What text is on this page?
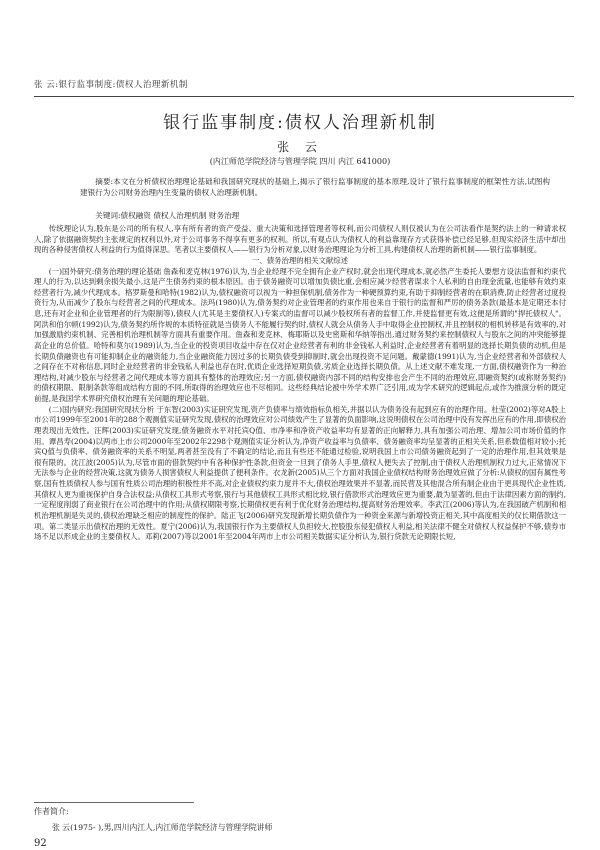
张 云:银行监事制度:债权人治理新机制
银行监事制度:债权人治理新机制
张 云
(内江师范学院经济与管理学院 四川 内江 641000)
摘要:本文在分析债权治理理论基础和我国研究现状的基础上,揭示了银行监事制度的基本原理,设计了银行监事制度的框架性方法,试图构建银行为公司财务治理内生变量的债权人治理新机制。
关键词:债权融资 债权人治理机制 财务治理

传统理论认为,股东是公司的所有权人,享有所有者的资产受益、重大决策和选择管理者等权利,而公司债权人则仅被认为在公司法看作是契约法上的一种请求权人,除了依据融资契约主张规定的权利以外,对于公司事务不得享有更多的权利。所以,有观点认为债权人的利益靠现存方式获得补偿已经足够,但现实经济生活中却出现的各种侵害债权人利益的行为值得深思。笔者以主要债权人——银行为分析对象,以财务治理理论为分析工具,构建债权人治理的新机制——银行监事制度。

一、债务治理的相关文献综述

(一)国外研究:债务治理的理论基础 詹森和麦克林(1976)认为,当企业经理不完全拥有企业产权时,就会出现代理成本,就必然产生委托人要想方设法监督和约束代理人的行为,以达到剩余损失最小,这是产生债务约束的根本原因。由于债务融资可以增加负债比重,会相应减少经营者谋求个人私利的自由现金流量,也能够有效约束经营者行为,减少代理成本。格罗斯曼和哈特(1982)认为,债权融资可以视为一种担保机制,债务作为一种硬预算约束,有助于抑制经营者的在职消费,防止经营者过度投资行为,从而减少了股东与经营者之间的代理成本。法玛(1980)认为,债务契约对企业管理者的约束作用也来自于银行的监督和严厉的债务条款(最基本是定期还本付息,还有对企业和企业管理者的行为限制等),债权人(尤其是主要债权人)专案式的监督可以减少股权所有者的监督工作,并使监督更有效,这便是所谓的"捍托债权人"。阿洪和伯尔顿(1992)认为,债务契约所作规的本质特征就是当债务人不能履行契约时,债权人就会从债务人手中取得企业控制权,并且控制权的相机转移是有效率的,对加强激励约束机制、完善相机治理机制等方面具有重要作用。詹森和麦克林、梅耶斯以及史密斯和华纳等指出,通过财务契约来控制债权人与股东之间的冲突能够提高企业的总价值。哈特和莫尔(1989)认为,当企业的投资项目收益中存在仅对企业经营者有利的非金钱私人利益时,企业经营者有着明显的选择长期负债的动机,但是长期负债融资也有可能抑制企业的融资能力,当企业融资能力因过多的长期负债受到抑制时,就会出现投资不足问题。戴蒙德(1991)认为,当企业经营者和外部债权人之间存在不对称信息,同时企业经营者的非金钱私人利益也存在时,优质企业选择短期负债,劣质企业选择长期负债。从上述文献不难发现,一方面,债权融资作为一种治理结构,对减少股东与经营者之间代理成本等方面具有整体的治理效应;另一方面,债权融资内部不同的结构安排也会产生不同的治理效应,即融资契约(或称财务契约)的债权期限、限制条款等组成结构方面的不同,所取得的治理效应也不尽相同。这些经典结论被中外学术界广泛引用,成为学术研究的逻辑起点,或作为推演分析的既定前提,是我国学术界研究债权治理有关问题的理论基础。

(二)国内研究:我国研究现状分析 于东智(2003)实证研究发现,资产负债率与绩效指标负相关,并据以认为债务没有起到应有的治理作用。杜莹(2002)等对A股上市公司1999年至2001年的288个观测值实证研究发现,债权的治理效应对公司绩效产生了显著的负面影响,这说明债权在公司治理中没有发挥出应有的作用,即债权治理表现出无效性。汪辉(2003)实证研究发现,债务融资水平对托宾Q值、市净率和净资产收益率均有显著的正向解释力,具有加强公司治理、增加公司市场价值的作用。谭昌寿(2004)以两市上市公司2000年至2002年2298个观测值实证分析认为,净资产收益率与负债率、债务融资率均呈显著的正相关关系,但系数值相对较小;托宾Q值与负债率、债务融资率的关系不明显,两者甚至没有了不确定的结论,而且有些还不能通过检验,说明我国上市公司债务融资起到了一定的治理作用,但其效果是很有限的。沈江波(2005)认为,尽管市面的借款契约中有各种保护性条款,但资金一旦到了债务人手里,债权人便失去了控制,由于债权人治理机制权力过大,正常情况下无法参与企业的经营决策,这就为债务人损害债权人利益提供了便利条件。衣龙新(2005)从三个方面对我国企业债权结构财务治理效应做了分析:从债权的国有属性考察,国有性质债权人参与国有性质公司治理的积极性并不高,对企业债权约束力度并不大,债权治理效果并不显著,而民营及其他混合所有制企业由于更具现代企业性质,其债权人更为重视保护自身合法权益;从债权工具形式考察,银行与其他债权工具形式相比较,银行借款形式治理效应更为重要,最为显著的,但由于法律因素方面的制约,一定程度削弱了商业银行在公司治理中的作用;从债权期限考察,长期债权更有利于优化财务治理结构,提高财务治理效率。李武江(2006)等认为,在我国破产机制和相机治理机制是失灵的,债权治理缺乏相应的制度性的保护。陆正飞(2006)研究发现新增长期负债作为一种资金来源与新增投资正相关,其中高度相关的仅长期借款这一项。第二类显示出债权治理的无效性。夏宁(2006)认为,我国银行作为主要债权人负担较大,控股股东侵犯债权人利益,相关法律不健全对债权人权益保护不够,债券市场不足以形成企业的主要债权人。邓莉(2007)等以2001年至2004年两市上市公司相关数据实证分析认为,银行贷款无论期限长短,

作者简介:
张 云(1975- ),男,四川内江人,内江师范学院经济与管理学院讲师
92
